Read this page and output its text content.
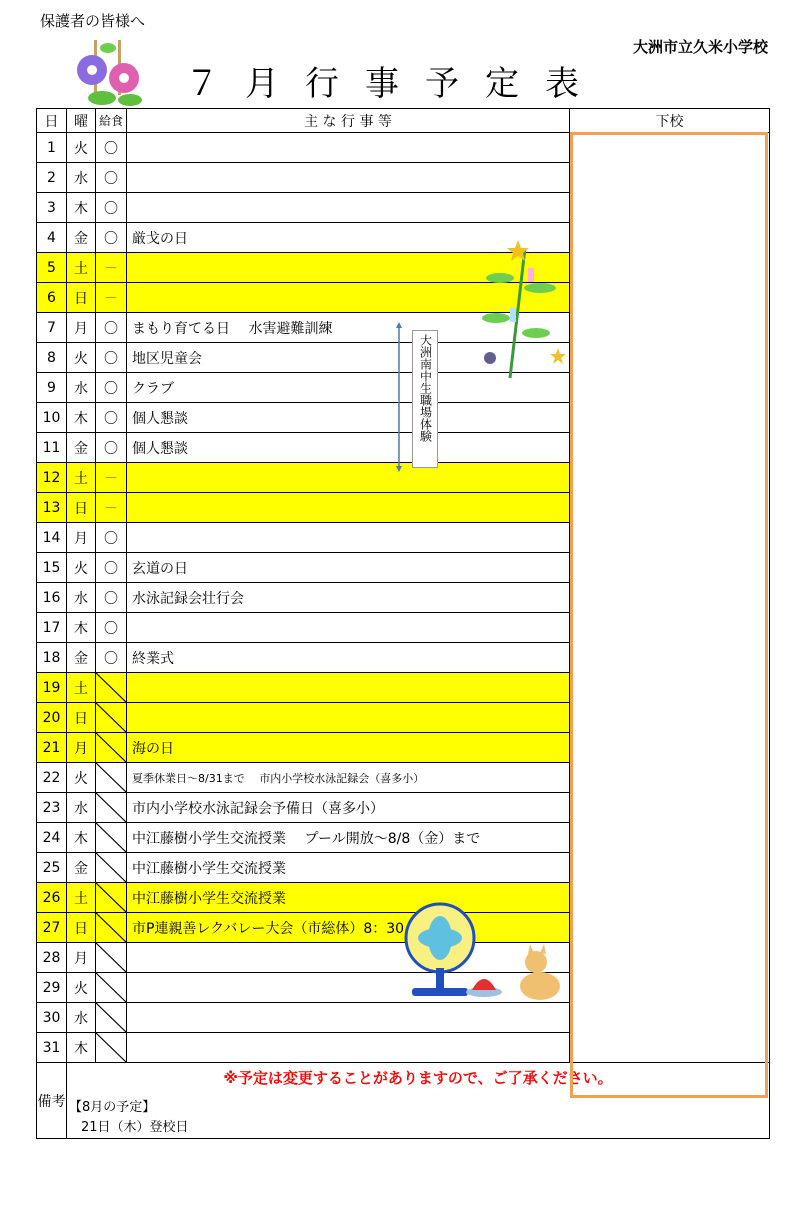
保護者の皆様へ
大洲市立久米小学校
７月行事予定表
日	曜	給食	主 な 行 事 等	下校
1	火	〇		
2	水	〇		
3	木	〇		
4	金	〇	厳戈の日	
5	土	－		
6	日	－		
7	月	〇	まもり育てる日　 水害避難訓練	
8	火	〇	地区児童会	
9	水	〇	クラブ	
10	木	〇	個人懇談	
11	金	〇	個人懇談	
12	土	－		
13	日	－		
14	月	〇		
15	火	〇	玄道の日	
16	水	〇	水泳記録会壮行会	
17	木	〇		
18	金	〇	終業式	
19	土	

20	日	

21	月		海の日	
22	火		夏季休業日～8/31まで　 市内小学校水泳記録会（喜多小）	
23	水		市内小学校水泳記録会予備日（喜多小）	
24	木		中江藤樹小学生交流授業　 プール開放～8/8（金）まで	
25	金		中江藤樹小学生交流授業	
26	土		中江藤樹小学生交流授業	
27	日		市P連親善レクバレー大会（市総体）8：30	
28	月	

29	火	

30	水	

31	木	

備考	※予定は変更することがありますので、ご了承ください。
【8月の予定】
21日（木）登校日			
大洲南中生職場体験
